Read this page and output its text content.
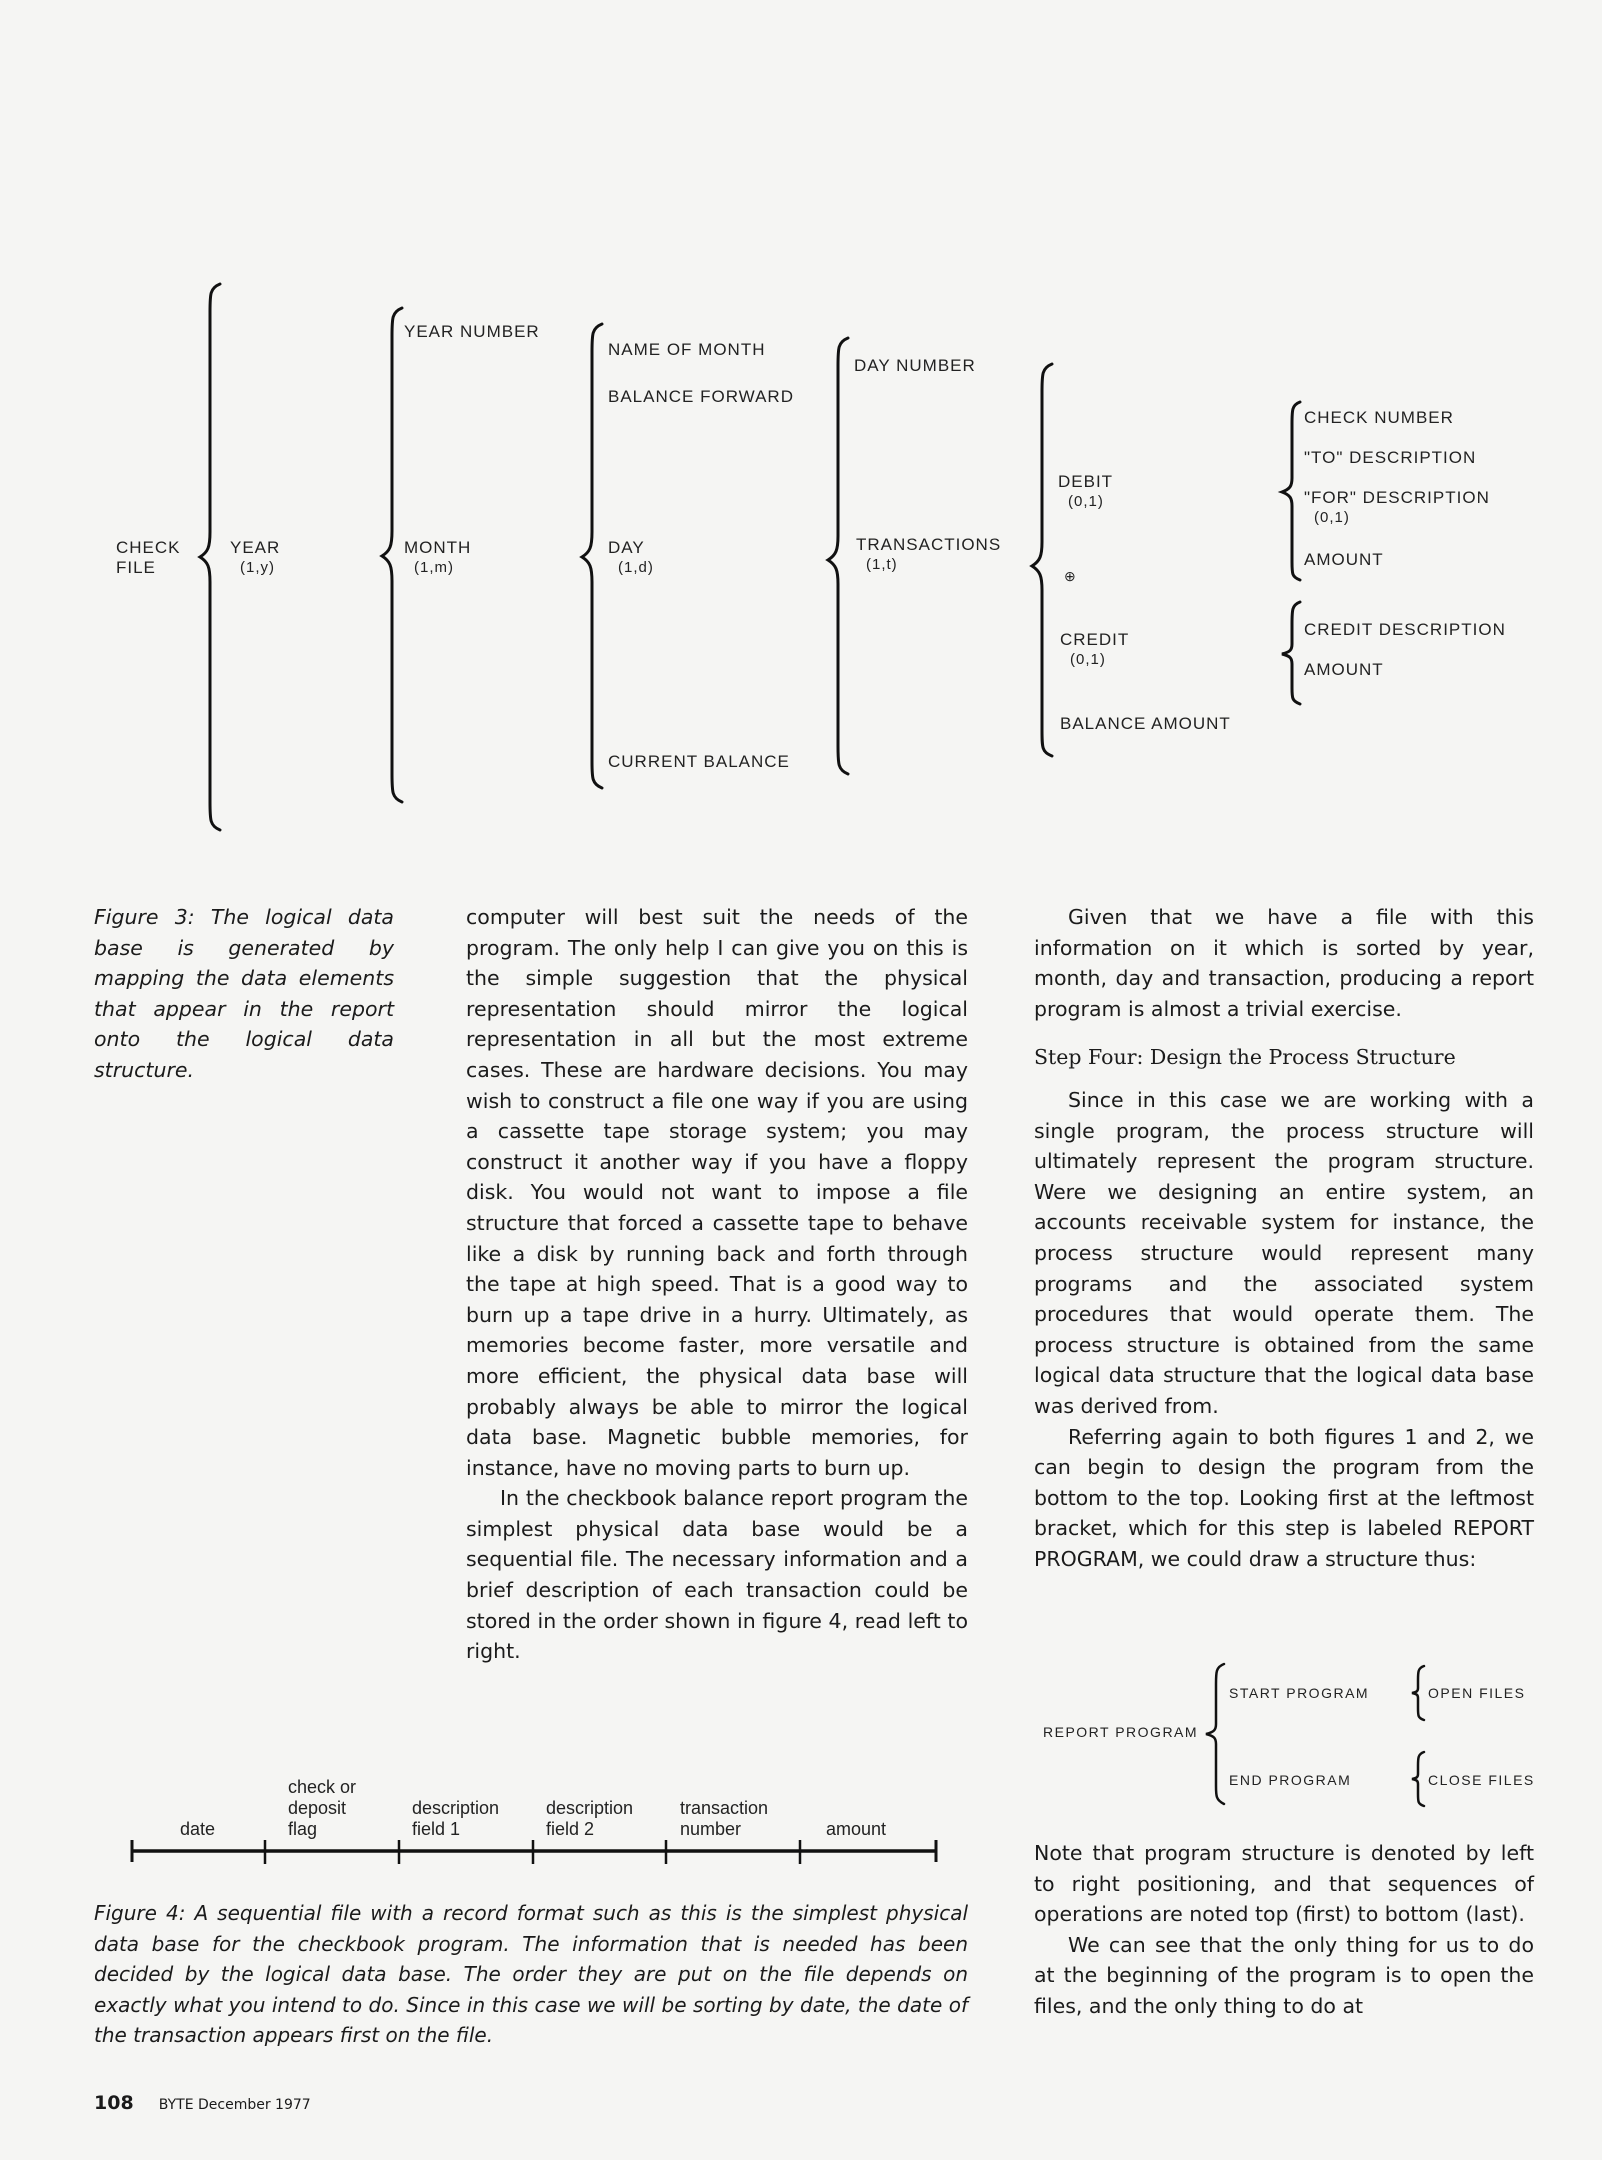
CHECK
FILE
YEAR
(1,y)
YEAR NUMBER
MONTH
(1,m)
NAME OF MONTH
BALANCE FORWARD
DAY
(1,d)
CURRENT BALANCE
DAY NUMBER
TRANSACTIONS
(1,t)
DEBIT
(0,1)
⊕
CREDIT
(0,1)
BALANCE AMOUNT
CHECK NUMBER
"TO" DESCRIPTION
"FOR" DESCRIPTION
(0,1)
AMOUNT
CREDIT DESCRIPTION
AMOUNT
Figure 3: The logical data base is generated by mapping the data elements that appear in the report onto the logical data structure.

computer will best suit the needs of the program. The only help I can give you on this is the simple suggestion that the physical representation should mirror the logical representation in all but the most extreme cases. These are hardware decisions. You may wish to construct a file one way if you are using a cassette tape storage system; you may construct it another way if you have a floppy disk. You would not want to impose a file structure that forced a cassette tape to behave like a disk by running back and forth through the tape at high speed. That is a good way to burn up a tape drive in a hurry. Ultimately, as memories become faster, more versatile and more efficient, the physical data base will probably always be able to mirror the logical data base. Magnetic bubble memories, for instance, have no moving parts to burn up.

In the checkbook balance report program the simplest physical data base would be a sequential file. The necessary information and a brief description of each transaction could be stored in the order shown in figure 4, read left to right.

Given that we have a file with this information on it which is sorted by year, month, day and transaction, producing a report program is almost a trivial exercise.

Step Four: Design the Process Structure

Since in this case we are working with a single program, the process structure will ultimately represent the program structure. Were we designing an entire system, an accounts receivable system for instance, the process structure would represent many programs and the associated system procedures that would operate them. The process structure is obtained from the same logical data structure that the logical data base was derived from.

Referring again to both figures 1 and 2, we can begin to design the program from the bottom to the top. Looking first at the leftmost bracket, which for this step is labeled REPORT PROGRAM, we could draw a structure thus:

REPORT PROGRAM
START PROGRAM
END PROGRAM
OPEN FILES
CLOSE FILES

Note that program structure is denoted by left to right positioning, and that sequences of operations are noted top (first) to bottom (last).

We can see that the only thing for us to do at the beginning of the program is to open the files, and the only thing to do at

date
check or
deposit
flag
description
field 1
description
field 2
transaction
number	amount
Figure 4: A sequential file with a record format such as this is the simplest physical data base for the checkbook program. The information that is needed has been decided by the logical data base. The order they are put on the file depends on exactly what you intend to do. Since in this case we will be sorting by date, the date of the transaction appears first on the file.
108 BYTE December 1977
